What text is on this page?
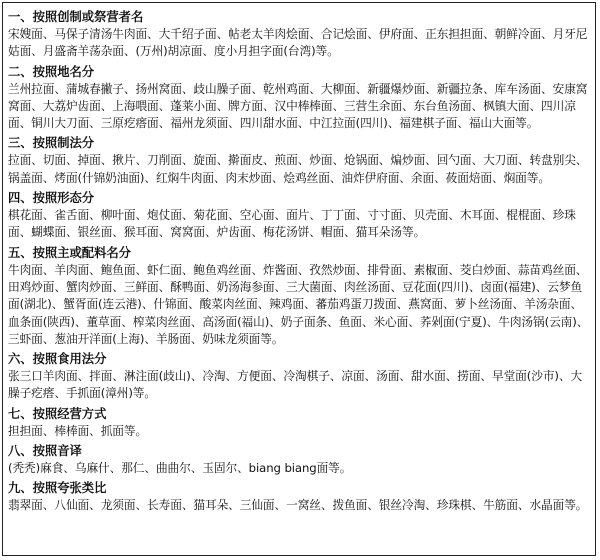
一、按照创制或祭营者名

宋嫂面、马保子清汤牛肉面、大千绍子面、帖老太羊肉烩面、合记烩面、伊府面、正东担担面、朝鲜冷面、月牙尼姑面、月盛斋羊荡杂面、(万州)胡凉面、度小月担字面(台湾)等。

二、按照地名分

兰州拉面、蒲城春撇子、扬州窝面、歧山臊子面、乾州鸡面、大柳面、新疆爆炒面、新疆拉条、库车汤面、安康窝窝面、大荔炉齿面、上海喂面、蓬莱小面、牌方面、汉中棒棒面、三营生余面、东台鱼汤面、枫镇大面、四川凉面、铜川大刀面、三原疙瘩面、福州龙须面、四川甜水面、中江拉面(四川)、福建棋子面、福山大面等。

三、按照制法分

拉面、切面、掉面、揪片、刀削面、旋面、擀面皮、煎面、炒面、炝锅面、煸炒面、回勺面、大刀面、转盘别尖、锅盖面、烤面(什锦奶油面)、红焖牛肉面、肉末炒面、烩鸡丝面、油炸伊府面、余面、莜面焙面、焖面等。

四、按照形态分

棋花面、雀舌面、柳叶面、炮仗面、菊花面、空心面、面片、丁丁面、寸寸面、贝壳面、木耳面、棍棍面、珍珠面、蝴蝶面、银丝面、猴耳面、窝窝面、炉齿面、梅花汤饼、帽面、猫耳朵汤等。

五、按照主或配料名分

牛肉面、羊肉面、鲍鱼面、虾仁面、鲍鱼鸡丝面、炸酱面、孜然炒面、排骨面、素椒面、茭白炒面、蒜苗鸡丝面、田鸡炒面、蟹肉炒面、三鲜面、酥鸭面、奶汤海参面、三大菌面、肉丝汤面、豆花面(四川)、卤面(福建)、云梦鱼面(湖北)、蟹胥面(连云港)、什锦面、酸菜肉丝面、辣鸡面、蕃茄鸡蛋刀拨面、燕窝面、萝卜丝汤面、羊汤杂面、血条面(陕西)、董草面、榨菜肉丝面、高汤面(福山)、奶子面条、鱼面、米心面、荞剁面(宁夏)、牛肉汤锅(云南)、三虾面、葱油开洋面(上海)、羊肠面、奶味龙须面等。

六、按照食用法分

张三口羊肉面、拌面、淋注面(歧山)、冷淘、方便面、冷淘棋子、凉面、汤面、甜水面、捞面、早堂面(沙市)、大臊子疙瘩、手抓面(漳州)等。

七、按照经营方式

担担面、棒棒面、抓面等。

八、按照音译

(秃秃)麻食、乌麻什、那仁、曲曲尔、玉固尔、biang biang面等。

九、按照夸张类比

翡翠面、八仙面、龙须面、长寿面、猫耳朵、三仙面、一窝丝、拨鱼面、银丝冷淘、珍珠棋、牛筋面、水晶面等。
